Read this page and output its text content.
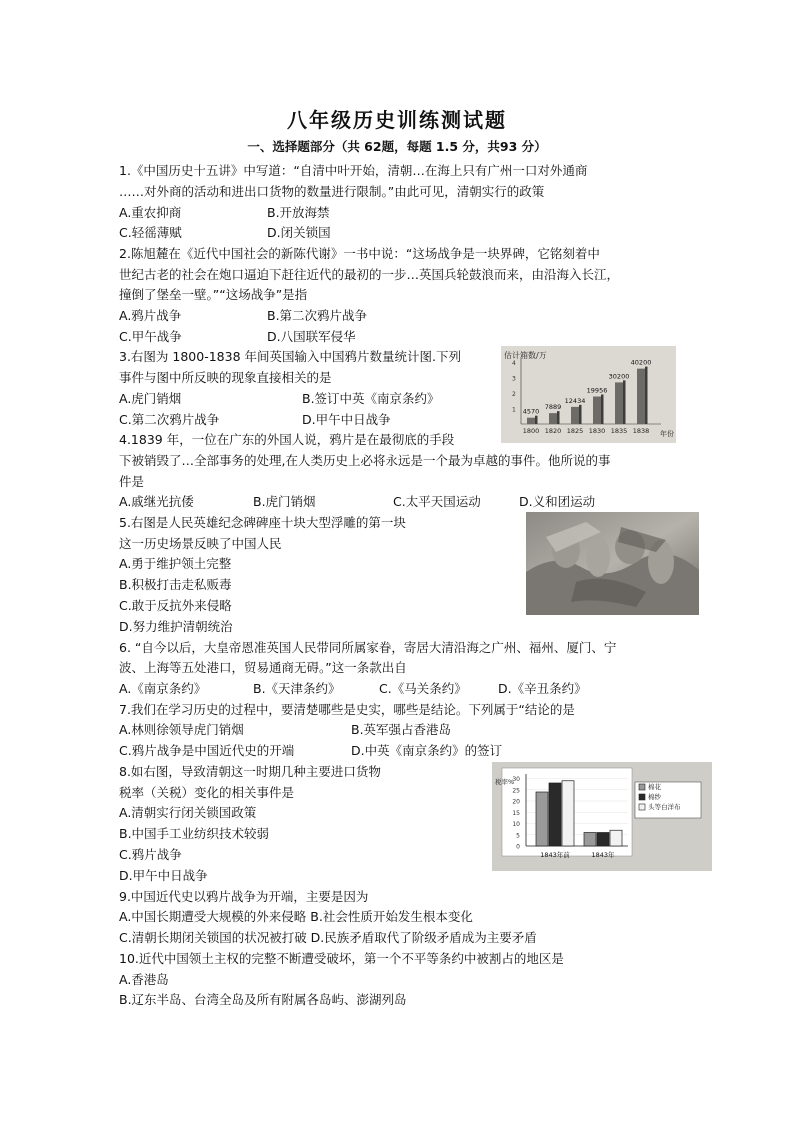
八年级历史训练测试题
一、选择题部分（共 62题，每题 1.5 分，共93 分）
1.《中国历史十五讲》中写道：“自清中叶开始，清朝…在海上只有广州一口对外通商
……对外商的活动和进出口货物的数量进行限制。”由此可见，清朝实行的政策
A.重农抑商	B.开放海禁
C.轻徭薄赋	D.闭关锁国
2.陈旭麓在《近代中国社会的新陈代谢》一书中说：“这场战争是一块界碑，它铭刻着中
世纪古老的社会在炮口逼迫下赶往近代的最初的一步…英国兵轮鼓浪而来，由沿海入长江，
撞倒了堡垒一壁。”“这场战争”是指
A.鸦片战争	B.第二次鸦片战争
C.甲午战争	D.八国联军侵华
3.右图为 1800-1838 年间英国输入中国鸦片数量统计图.下列
事件与图中所反映的现象直接相关的是
A.虎门销烟	B.签订中英《南京条约》
C.第二次鸦片战争	D.甲午中日战争
估计箱数/万
年份
1
2
3
4
4570
1800
7889
1820
12434
1825
19956
1830
30200
1835
40200
1838
4.1839 年，一位在广东的外国人说，鸦片是在最彻底的手段
下被销毁了…全部事务的处理,在人类历史上必将永远是一个最为卓越的事件。他所说的事
件是
A.戚继光抗倭	B.虎门销烟	C.太平天国运动	D.义和团运动
5.右图是人民英雄纪念碑碑座十块大型浮雕的第一块
这一历史场景反映了中国人民
A.勇于维护领土完整
B.积极打击走私贩毒
C.敢于反抗外来侵略
D.努力维护清朝统治
6. “自今以后，大皇帝恩准英国人民带同所属家眷，寄居大清沿海之广州、福州、厦门、宁
波、上海等五处港口，贸易通商无碍。”这一条款出自
A.《南京条约》	B.《天津条约》	C.《马关条约》	D.《辛丑条约》
7.我们在学习历史的过程中，要清楚哪些是史实，哪些是结论。下列属于“结论的是
A.林则徐领导虎门销烟	B.英军强占香港岛
C.鸦片战争是中国近代史的开端	D.中英《南京条约》的签订
8.如右图，导致清朝这一时期几种主要进口货物
税率（关税）变化的相关事件是
A.清朝实行闭关锁国政策
B.中国手工业纺织技术较弱
C.鸦片战争
D.甲午中日战争
税率%
棉花
棉纱
头等白洋布
0
5
10
15
20
25
30
1843年前	1843年
9.中国近代史以鸦片战争为开端，主要是因为
A.中国长期遭受大规模的外来侵略 B.社会性质开始发生根本变化
C.清朝长期闭关锁国的状况被打破 D.民族矛盾取代了阶级矛盾成为主要矛盾
10.近代中国领土主权的完整不断遭受破坏，第一个不平等条约中被割占的地区是
A.香港岛
B.辽东半岛、台湾全岛及所有附属各岛屿、澎湖列岛
